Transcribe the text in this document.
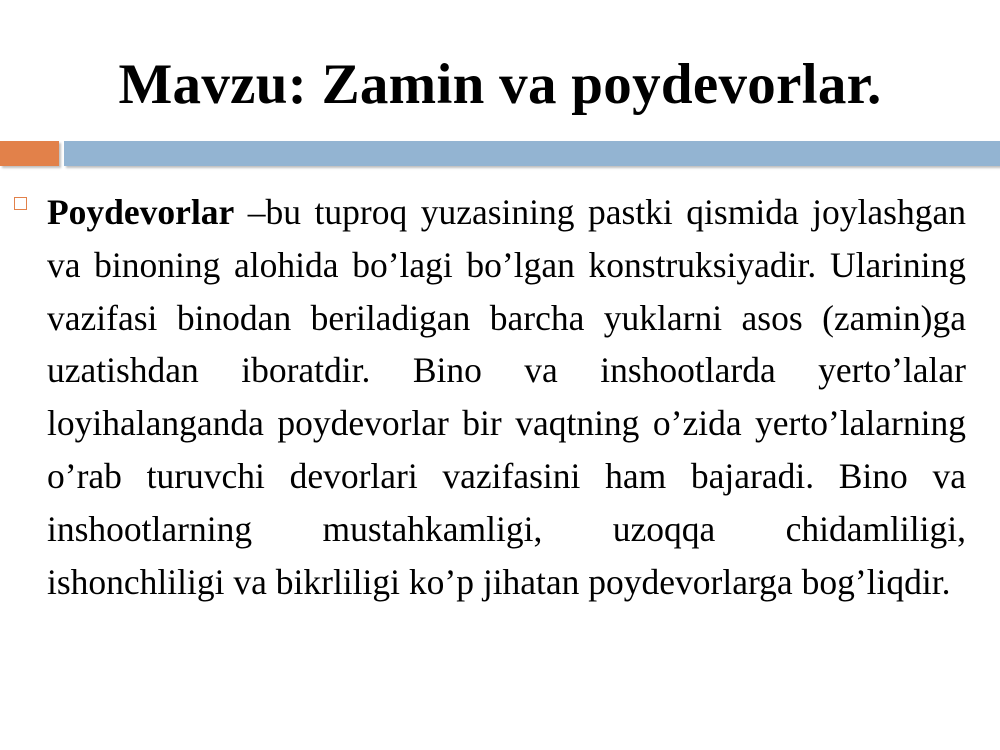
Mavzu: Zamin va poydevorlar.

Poydevorlar –bu tuproq yuzasining pastki qismida joylashgan va binoning alohida bo’lagi bo’lgan konstruksiyadir. Ularining vazifasi binodan beriladigan barcha yuklarni asos (zamin)ga uzatishdan iboratdir. Bino va inshootlarda yerto’lalar loyihalanganda poydevorlar bir vaqtning o’zida yerto’lalarning o’rab turuvchi devorlari vazifasini ham bajaradi. Bino va inshootlarning mustahkamligi, uzoqqa chidamliligi, ishonchliligi va bikrliligi ko’p jihatan poydevorlarga bog’liqdir.
